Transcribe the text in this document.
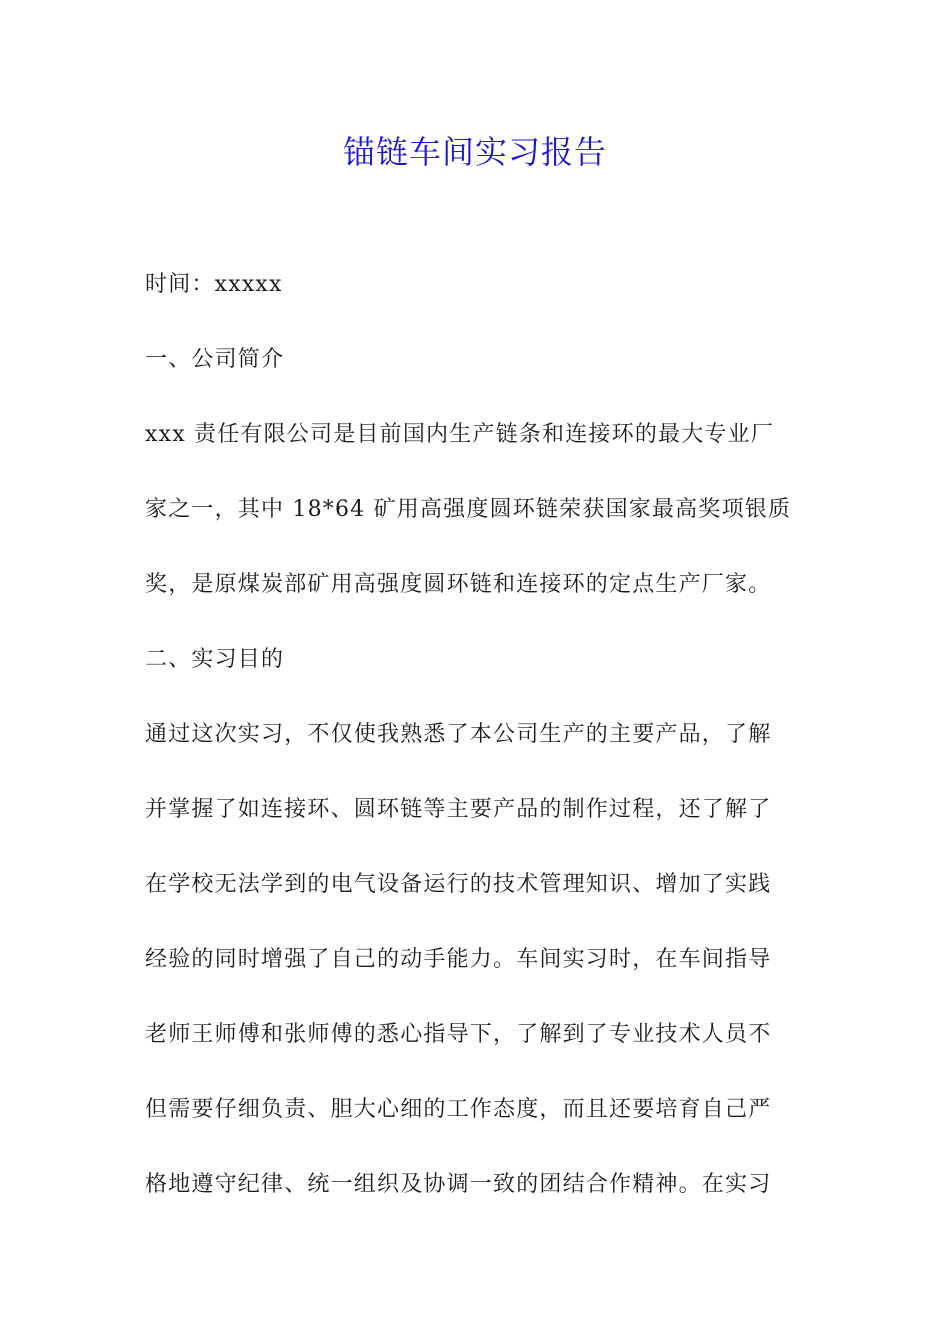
锚链车间实习报告
时间：xxxxx
一、公司简介
xxx 责任有限公司是目前国内生产链条和连接环的最大专业厂
家之一，其中 18*64 矿用高强度圆环链荣获国家最高奖项银质
奖，是原煤炭部矿用高强度圆环链和连接环的定点生产厂家。
二、实习目的
通过这次实习，不仅使我熟悉了本公司生产的主要产品，了解
并掌握了如连接环、圆环链等主要产品的制作过程，还了解了
在学校无法学到的电气设备运行的技术管理知识、增加了实践
经验的同时增强了自己的动手能力。车间实习时，在车间指导
老师王师傅和张师傅的悉心指导下，了解到了专业技术人员不
但需要仔细负责、胆大心细的工作态度，而且还要培育自己严
格地遵守纪律、统一组织及协调一致的团结合作精神。在实习
